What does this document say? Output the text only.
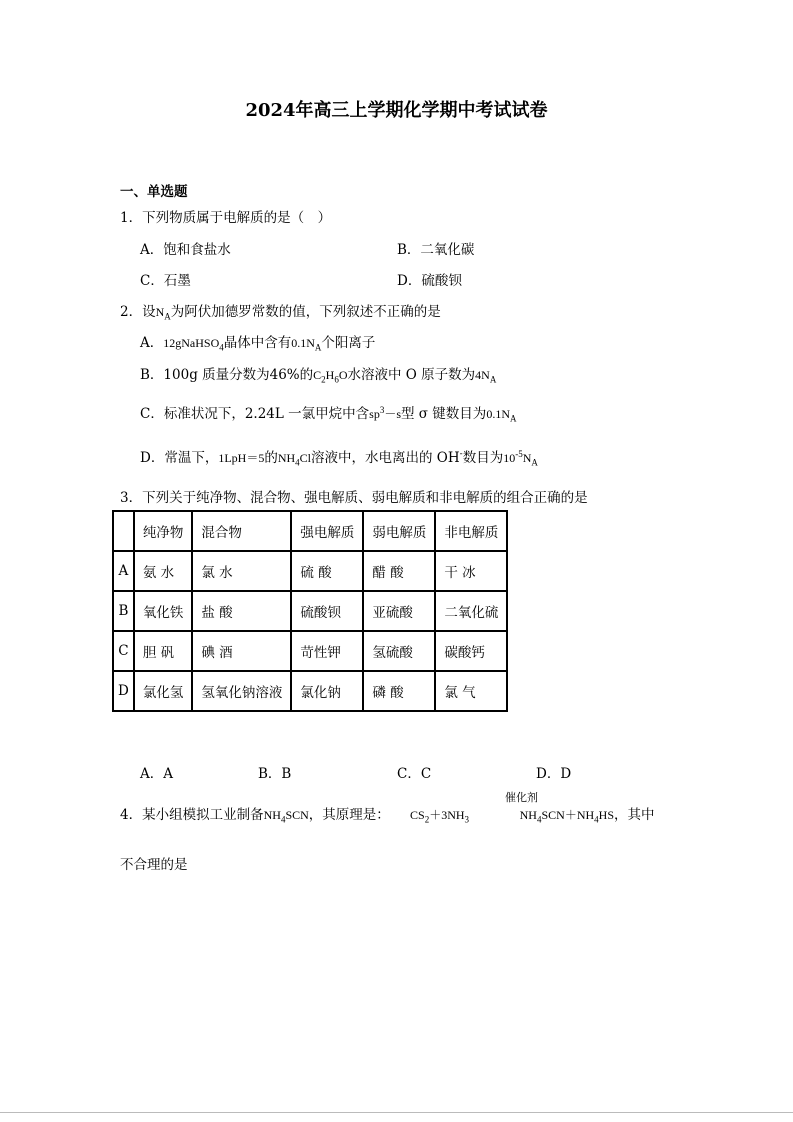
2024年高三上学期化学期中考试试卷
一、单选题
1．下列物质属于电解质的是（　）
A．饱和食盐水	B．二氧化碳
C．石墨	D．硫酸钡
2．设$N_A$为阿伏加德罗常数的值，下列叙述不正确的是
A．12gNaHSO$_4$晶体中含有$0.1N_A$个阳离子
B．100g 质量分数为46%的$C_2H_6O$水溶液中 O 原子数为$4N_A$
C．标准状况下，2.24L 一氯甲烷中含$sp^3-s$型 σ 键数目为$0.1N_A$
D．常温下，1LpH＝5的$NH_4Cl$溶液中，水电离出的 OH-数目为$10^{-5}N_A$
3．下列关于纯净物、混合物、强电解质、弱电解质和非电解质的组合正确的是
	纯净物	混合物	强电解质	弱电解质	非电解质
A	氨 水	氯 水	硫 酸	醋 酸	干 冰
B	氧化铁	盐 酸	硫酸钡	亚硫酸	二氧化硫
C	胆 矾	碘 酒	苛性钾	氢硫酸	碳酸钙
D	氯化氢	氢氧化钠溶液	氯化钠	磷 酸	氯 气
A．A	B．B	C．C	D．D
4．某小组模拟工业制备$NH_4SCN$，其原理是： $CS_2+3NH_3$
催化剂
$NH_4SCN+NH_4HS$，其中
不合理的是
